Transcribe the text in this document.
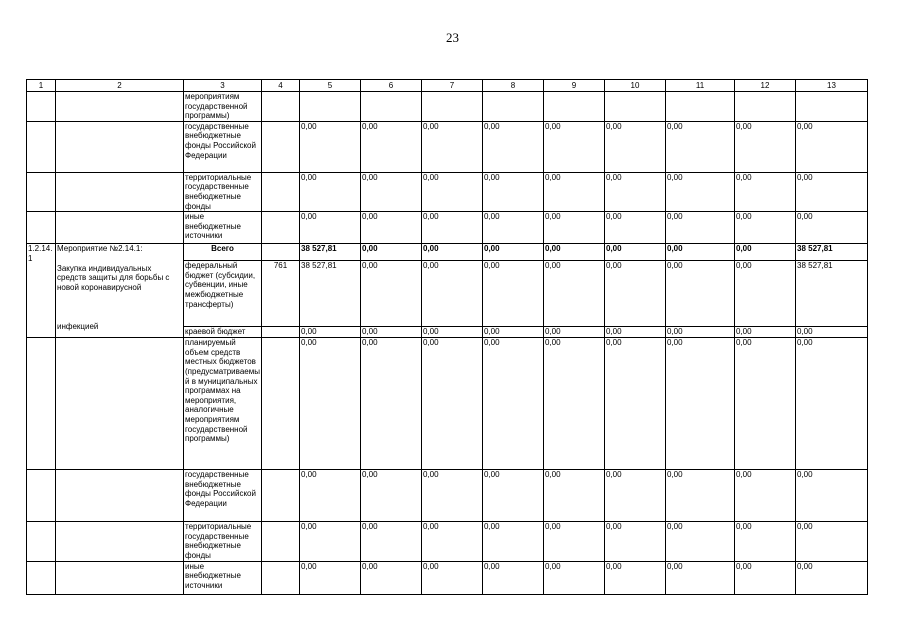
23
1	2	3	4	5	6	7	8	9	10	11	12	13
		мероприятиям государственной программы)										
		государственные внебюджетные фонды Российской Федерации		0,00	0,00	0,00	0,00	0,00	0,00	0,00	0,00	0,00
		территориальные государственные внебюджетные фонды		0,00	0,00	0,00	0,00	0,00	0,00	0,00	0,00	0,00
		иные внебюджетные источники		0,00	0,00	0,00	0,00	0,00	0,00	0,00	0,00	0,00
1.2.14.1	Мероприятие №2.14.1:
Закупка индивидуальных средств защиты для борьбы с новой коронавирусной
инфекцией	Всего		38 527,81	0,00	0,00	0,00	0,00	0,00	0,00	0,00	38 527,81
		федеральный бюджет (субсидии, субвенции, иные межбюджетные трансферты)	761	38 527,81	0,00	0,00	0,00	0,00	0,00	0,00	0,00	38 527,81
		краевой бюджет		0,00	0,00	0,00	0,00	0,00	0,00	0,00	0,00	0,00
		планируемый объем средств местных бюджетов (предусматриваемый в муниципальных программах на мероприятия, аналогичные мероприятиям государственной программы)		0,00	0,00	0,00	0,00	0,00	0,00	0,00	0,00	0,00
		государственные внебюджетные фонды Российской Федерации		0,00	0,00	0,00	0,00	0,00	0,00	0,00	0,00	0,00
		территориальные государственные внебюджетные фонды		0,00	0,00	0,00	0,00	0,00	0,00	0,00	0,00	0,00
		иные внебюджетные источники		0,00	0,00	0,00	0,00	0,00	0,00	0,00	0,00	0,00
